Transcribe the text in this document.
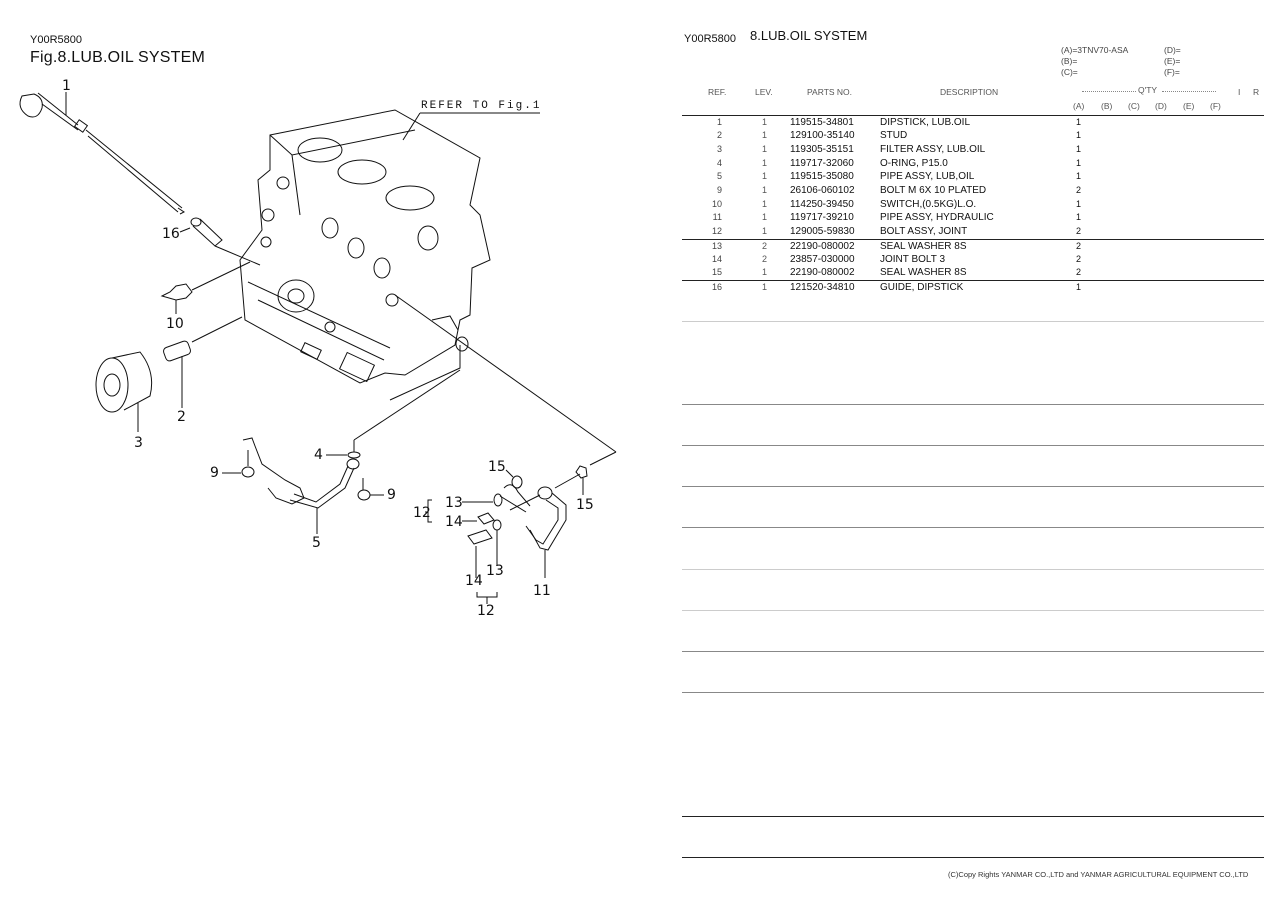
Y00R5800
Fig.8.LUB.OIL SYSTEM
REFER TO Fig.1
1
16
10
2
3
4
9
9
5
15
15
13
12
14
13
14
11
12
Y00R5800 8.LUB.OIL SYSTEM
(A)=3TNV70-ASA
(B)=
(C)=
(D)=
(E)=
(F)=
REF.	LEV.	PARTS NO.	DESCRIPTION	Q'TY	I R
(A) (B) (C) (D) (E) (F)
1	1 119515-34801	DIPSTICK, LUB.OIL	1
2	1 129100-35140	STUD	1
3	1 119305-35151	FILTER ASSY, LUB.OIL	1
4	1 119717-32060	O-RING, P15.0	1
5	1 119515-35080	PIPE ASSY, LUB,OIL	1
9	1 26106-060102	BOLT M 6X 10 PLATED	2
10	1 114250-39450	SWITCH,(0.5KG)L.O.	1
11	1 119717-39210	PIPE ASSY, HYDRAULIC	1
12	1 129005-59830	BOLT ASSY, JOINT	2
13	2 22190-080002	SEAL WASHER 8S	2
14	2 23857-030000	JOINT BOLT 3	2
15	1 22190-080002	SEAL WASHER 8S	2
16	1 121520-34810	GUIDE, DIPSTICK	1
(C)Copy Rights YANMAR CO.,LTD and YANMAR AGRICULTURAL EQUIPMENT CO.,LTD
